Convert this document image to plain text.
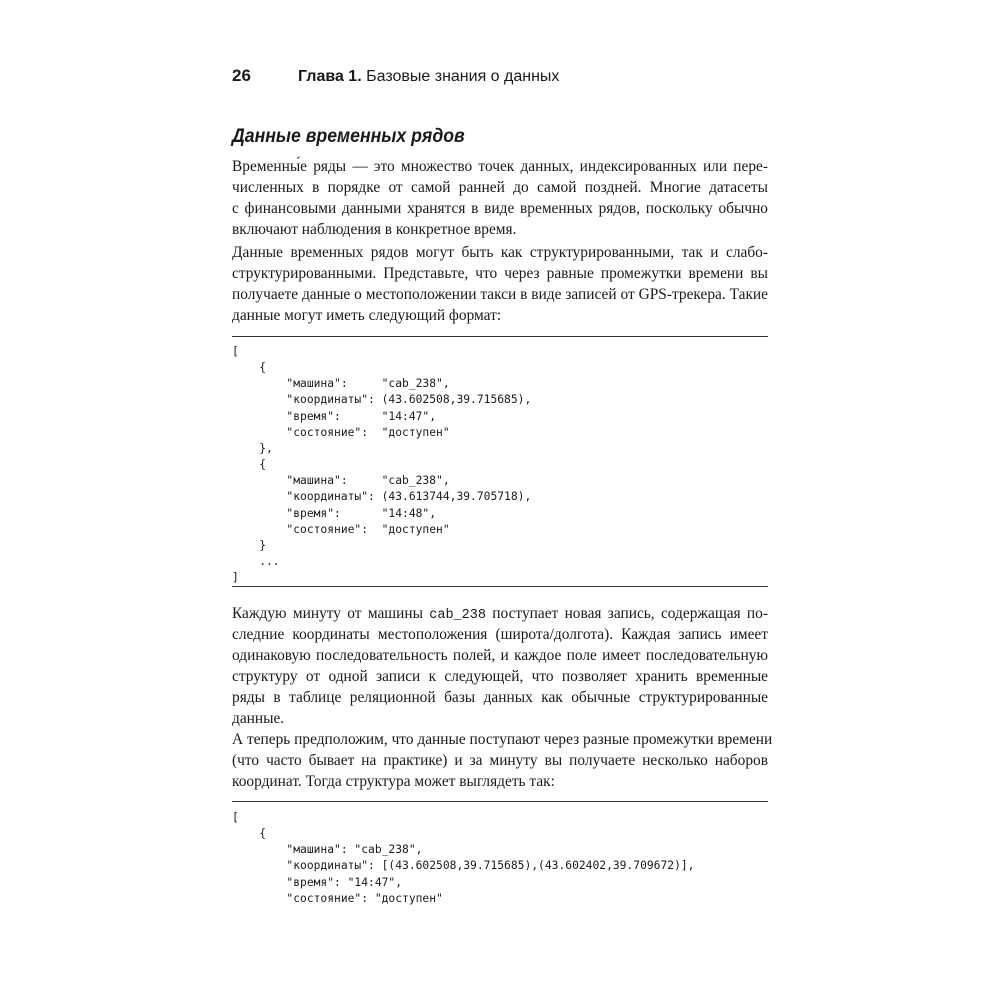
26	Глава 1. Базовые знания о данных
Данные временных рядов

Временны́е ряды — это множество точек данных, индексированных или пере-
численных в порядке от самой ранней до самой поздней. Многие датасеты
с финансовыми данными хранятся в виде временных рядов, поскольку обычно
включают наблюдения в конкретное время.

Данные временных рядов могут быть как структурированными, так и слабо-
структурированными. Представьте, что через равные промежутки времени вы
получаете данные о местоположении такси в виде записей от GPS-трекера. Такие
данные могут иметь следующий формат:

[
{
"машина":     "cab_238",
"координаты": (43.602508,39.715685),
"время":      "14:47",
"состояние":  "доступен"
},
{
"машина":     "cab_238",
"координаты": (43.613744,39.705718),
"время":      "14:48",
"состояние":  "доступен"
}
...
]

Каждую минуту от машины cab_238 поступает новая запись, содержащая по-
следние координаты местоположения (широта/долгота). Каждая запись имеет
одинаковую последовательность полей, и каждое поле имеет последовательную
структуру от одной записи к следующей, что позволяет хранить временные
ряды в таблице реляционной базы данных как обычные структурированные
данные.

А теперь предположим, что данные поступают через разные промежутки времени
(что часто бывает на практике) и за минуту вы получаете несколько наборов
координат. Тогда структура может выглядеть так:

[
{
"машина": "cab_238",
"координаты": [(43.602508,39.715685),(43.602402,39.709672)],
"время": "14:47",
"состояние": "доступен"
